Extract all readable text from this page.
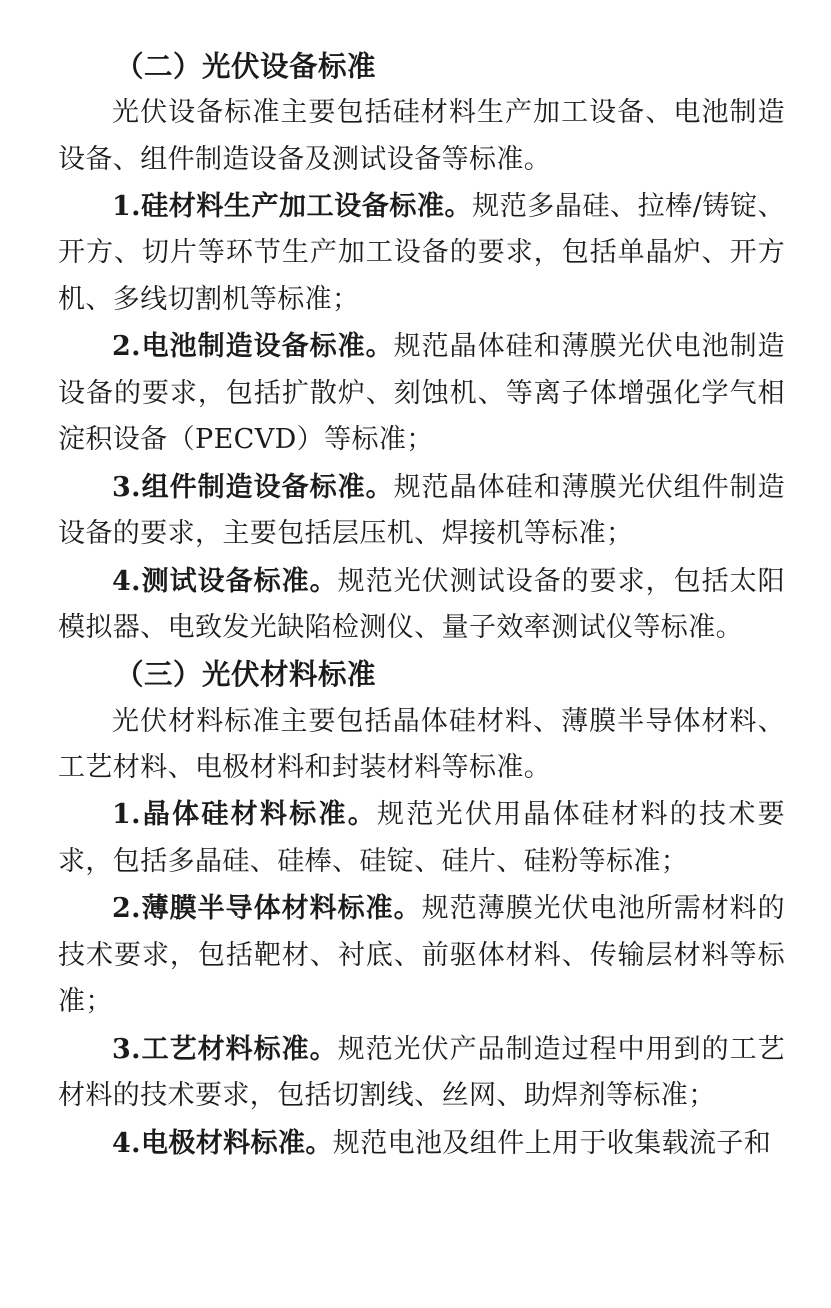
（二）光伏设备标准

光伏设备标准主要包括硅材料生产加工设备、电池制造设备、组件制造设备及测试设备等标准。

1.硅材料生产加工设备标准。规范多晶硅、拉棒/铸锭、开方、切片等环节生产加工设备的要求，包括单晶炉、开方机、多线切割机等标准；

2.电池制造设备标准。规范晶体硅和薄膜光伏电池制造设备的要求，包括扩散炉、刻蚀机、等离子体增强化学气相淀积设备（PECVD）等标准；

3.组件制造设备标准。规范晶体硅和薄膜光伏组件制造设备的要求，主要包括层压机、焊接机等标准；

4.测试设备标准。规范光伏测试设备的要求，包括太阳模拟器、电致发光缺陷检测仪、量子效率测试仪等标准。

（三）光伏材料标准

光伏材料标准主要包括晶体硅材料、薄膜半导体材料、工艺材料、电极材料和封装材料等标准。

1.晶体硅材料标准。规范光伏用晶体硅材料的技术要求，包括多晶硅、硅棒、硅锭、硅片、硅粉等标准；

2.薄膜半导体材料标准。规范薄膜光伏电池所需材料的技术要求，包括靶材、衬底、前驱体材料、传输层材料等标准；

3.工艺材料标准。规范光伏产品制造过程中用到的工艺材料的技术要求，包括切割线、丝网、助焊剂等标准；

4.电极材料标准。规范电池及组件上用于收集载流子和
